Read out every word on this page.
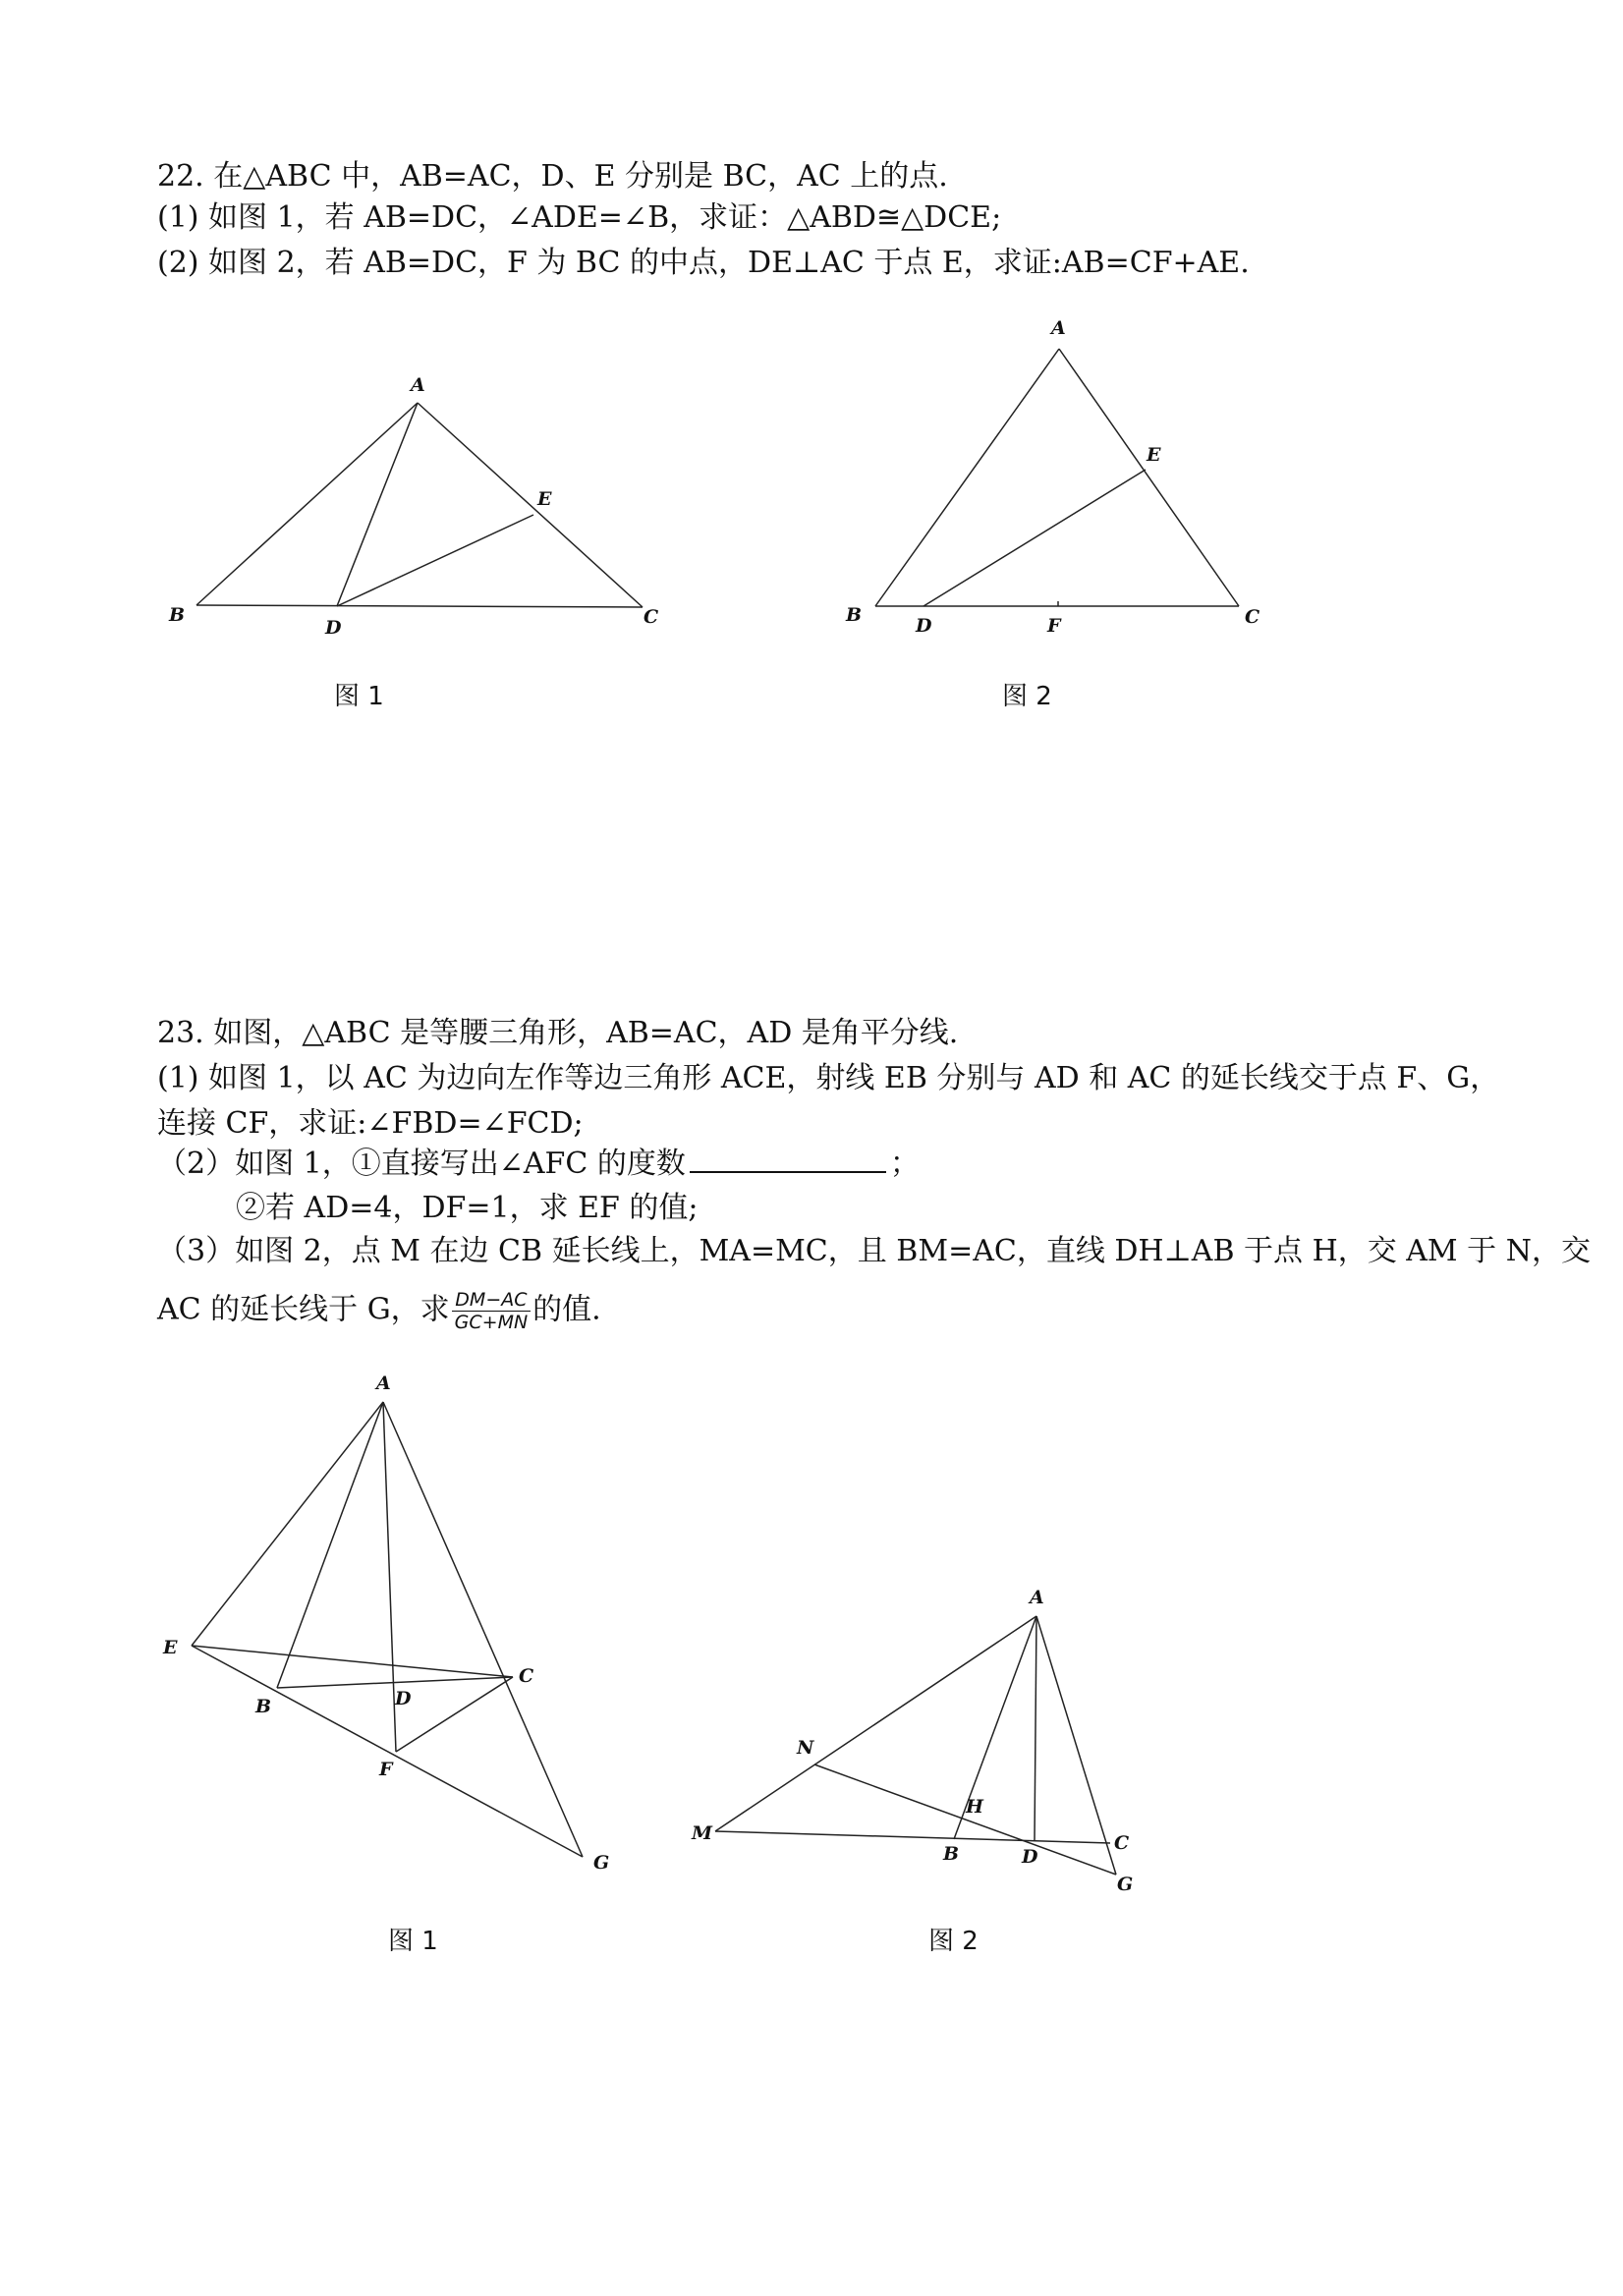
22. 在△ABC 中，AB=AC，D、E 分别是 BC，AC 上的点.
(1) 如图 1，若 AB=DC，∠ADE=∠B，求证：△ABD≅△DCE;
(2) 如图 2，若 AB=DC，F 为 BC 的中点，DE⊥AC 于点 E，求证:AB=CF+AE.
A
B	C
D
E
图 1
A
B	C
D
E
F
图 2
23. 如图，△ABC 是等腰三角形，AB=AC，AD 是角平分线.
(1) 如图 1，以 AC 为边向左作等边三角形 ACE，射线 EB 分别与 AD 和 AC 的延长线交于点 F、G，
连接 CF，求证:∠FBD=∠FCD;
（2）如图 1，①直接写出∠AFC 的度数	；
②若 AD=4，DF=1，求 EF 的值;
（3）如图 2，点 M 在边 CB 延长线上，MA=MC，且 BM=AC，直线 DH⊥AB 于点 H，交 AM 于 N，交
AC 的延长线于 G，求 $\frac{DM-AC}{GC+MN}$ 的值.
A
E
B	D
C
F
G
图 1
A
N
M
H
B	D
C
G
图 2
